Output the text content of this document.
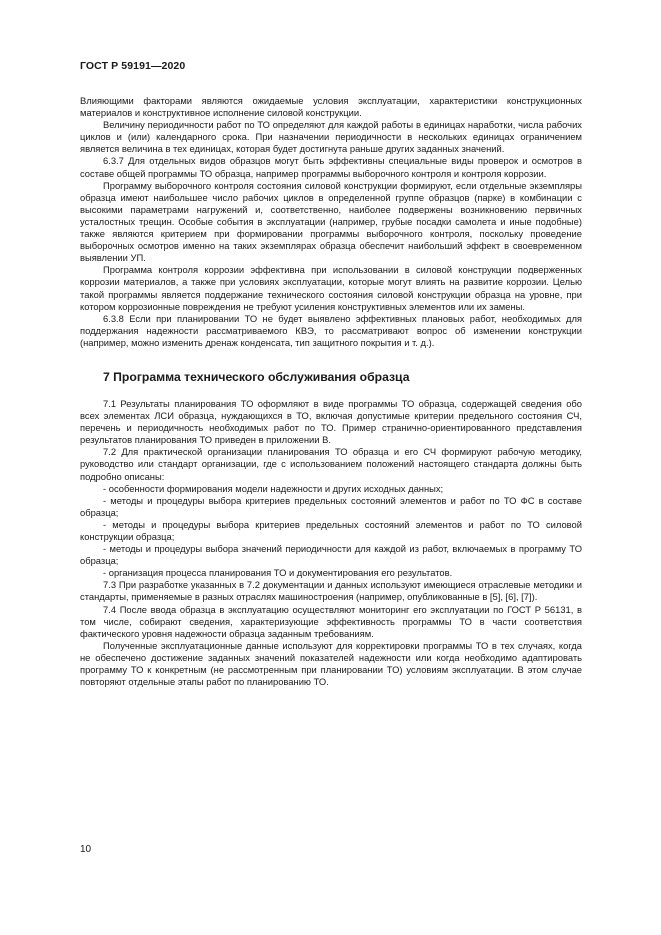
ГОСТ Р 59191—2020

Влияющими факторами являются ожидаемые условия эксплуатации, характеристики конструкционных материалов и конструктивное исполнение силовой конструкции.

Величину периодичности работ по ТО определяют для каждой работы в единицах наработки, числа рабочих циклов и (или) календарного срока. При назначении периодичности в нескольких единицах ограничением является величина в тех единицах, которая будет достигнута раньше других заданных значений.

6.3.7 Для отдельных видов образцов могут быть эффективны специальные виды проверок и осмотров в составе общей программы ТО образца, например программы выборочного контроля и контроля коррозии.

Программу выборочного контроля состояния силовой конструкции формируют, если отдельные экземпляры образца имеют наибольшее число рабочих циклов в определенной группе образцов (парке) в комбинации с высокими параметрами нагружений и, соответственно, наиболее подвержены возникновению первичных усталостных трещин. Особые события в эксплуатации (например, грубые посадки самолета и иные подобные) также являются критерием при формировании программы выборочного контроля, поскольку проведение выборочных осмотров именно на таких экземплярах образца обеспечит наибольший эффект в своевременном выявлении УП.

Программа контроля коррозии эффективна при использовании в силовой конструкции подверженных коррозии материалов, а также при условиях эксплуатации, которые могут влиять на развитие коррозии. Целью такой программы является поддержание технического состояния силовой конструкции образца на уровне, при котором коррозионные повреждения не требуют усиления конструктивных элементов или их замены.

6.3.8 Если при планировании ТО не будет выявлено эффективных плановых работ, необходимых для поддержания надежности рассматриваемого КВЭ, то рассматривают вопрос об изменении конструкции (например, можно изменить дренаж конденсата, тип защитного покрытия и т. д.).

7 Программа технического обслуживания образца

7.1 Результаты планирования ТО оформляют в виде программы ТО образца, содержащей сведения обо всех элементах ЛСИ образца, нуждающихся в ТО, включая допустимые критерии предельного состояния СЧ, перечень и периодичность необходимых работ по ТО. Пример странично-ориентированного представления результатов планирования ТО приведен в приложении В.

7.2 Для практической организации планирования ТО образца и его СЧ формируют рабочую методику, руководство или стандарт организации, где с использованием положений настоящего стандарта должны быть подробно описаны:

- особенности формирования модели надежности и других исходных данных;

- методы и процедуры выбора критериев предельных состояний элементов и работ по ТО ФС в составе образца;

- методы и процедуры выбора критериев предельных состояний элементов и работ по ТО силовой конструкции образца;

- методы и процедуры выбора значений периодичности для каждой из работ, включаемых в программу ТО образца;

- организация процесса планирования ТО и документирования его результатов.

7.3 При разработке указанных в 7.2 документации и данных используют имеющиеся отраслевые методики и стандарты, применяемые в разных отраслях машиностроения (например, опубликованные в [5], [6], [7]).

7.4 После ввода образца в эксплуатацию осуществляют мониторинг его эксплуатации по ГОСТ Р 56131, в том числе, собирают сведения, характеризующие эффективность программы ТО в части соответствия фактического уровня надежности образца заданным требованиям.

Полученные эксплуатационные данные используют для корректировки программы ТО в тех случаях, когда не обеспечено достижение заданных значений показателей надежности или когда необходимо адаптировать программу ТО к конкретным (не рассмотренным при планировании ТО) условиям эксплуатации. В этом случае повторяют отдельные этапы работ по планированию ТО.

10
